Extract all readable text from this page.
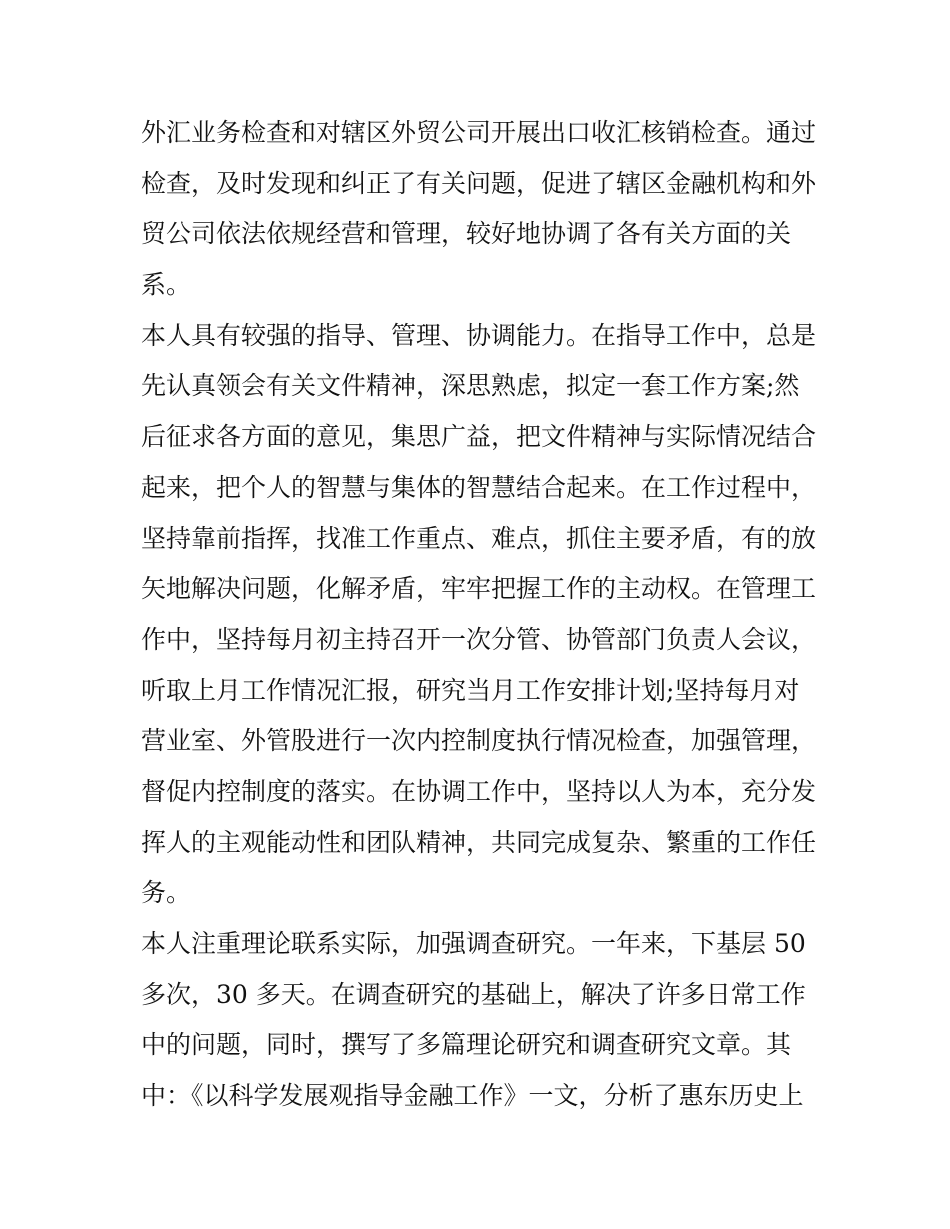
外汇业务检查和对辖区外贸公司开展出口收汇核销检查。通过
检查，及时发现和纠正了有关问题，促进了辖区金融机构和外
贸公司依法依规经营和管理，较好地协调了各有关方面的关
系。
本人具有较强的指导、管理、协调能力。在指导工作中，总是
先认真领会有关文件精神，深思熟虑，拟定一套工作方案;然
后征求各方面的意见，集思广益，把文件精神与实际情况结合
起来，把个人的智慧与集体的智慧结合起来。在工作过程中，
坚持靠前指挥，找准工作重点、难点，抓住主要矛盾，有的放
矢地解决问题，化解矛盾，牢牢把握工作的主动权。在管理工
作中，坚持每月初主持召开一次分管、协管部门负责人会议，
听取上月工作情况汇报，研究当月工作安排计划;坚持每月对
营业室、外管股进行一次内控制度执行情况检查，加强管理，
督促内控制度的落实。在协调工作中，坚持以人为本，充分发
挥人的主观能动性和团队精神，共同完成复杂、繁重的工作任
务。
本人注重理论联系实际，加强调查研究。一年来，下基层 50
多次，30 多天。在调查研究的基础上，解决了许多日常工作
中的问题，同时，撰写了多篇理论研究和调查研究文章。其
中：《以科学发展观指导金融工作》一文，分析了惠东历史上
